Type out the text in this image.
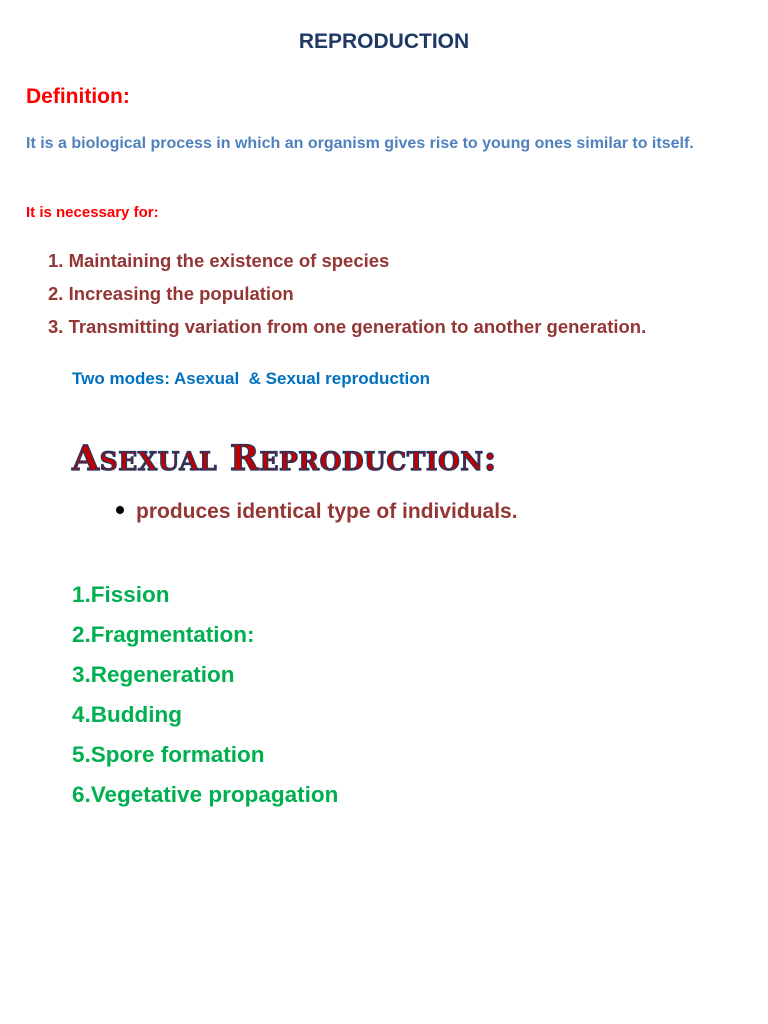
REPRODUCTION
Definition:
It is a biological process in which an organism gives rise to young ones similar to itself.
It is necessary for:
1. Maintaining the existence of species
2. Increasing the population
3. Transmitting variation from one generation to another generation.
Two modes: Asexual  & Sexual reproduction
Asexual Reproduction:
produces identical type of individuals.
1.Fission
2.Fragmentation:
3.Regeneration
4.Budding
5.Spore formation
6.Vegetative propagation
